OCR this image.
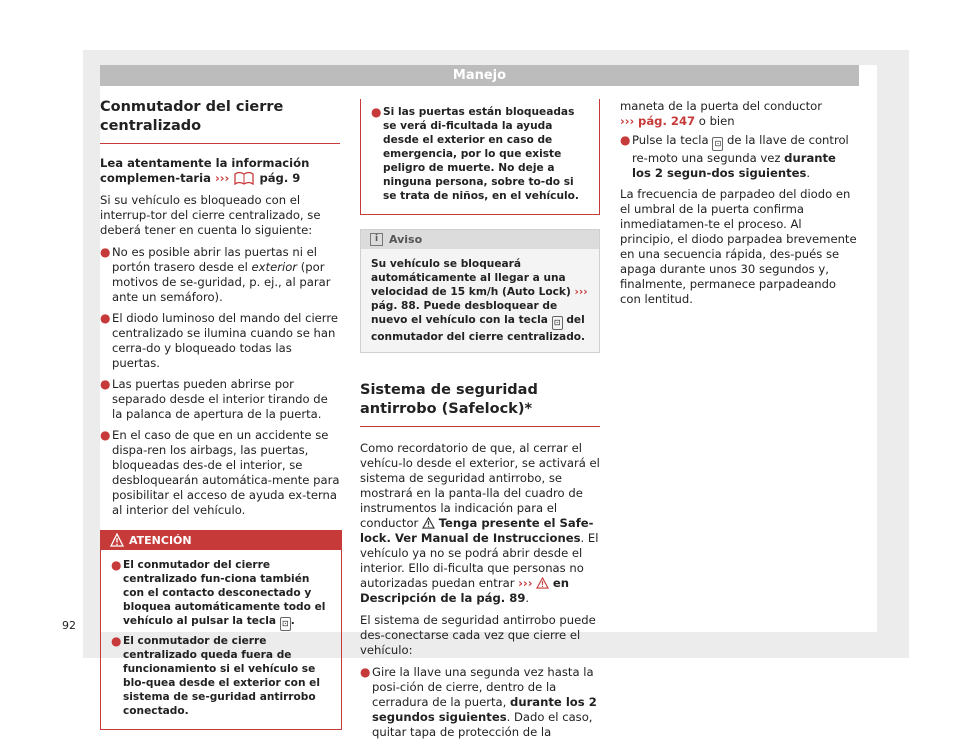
Manejo
Conmutador del cierre centralizado

Lea atentamente la información complemen-taria ›››	pág. 9

Si su vehículo es bloqueado con el interrup-tor del cierre centralizado, se deberá tener en cuenta lo siguiente:

● No es posible abrir las puertas ni el portón trasero desde el exterior (por motivos de se-guridad, p. ej., al parar ante un semáforo).
● El diodo luminoso del mando del cierre centralizado se ilumina cuando se han cerra-do y bloqueado todas las puertas.
● Las puertas pueden abrirse por separado desde el interior tirando de la palanca de apertura de la puerta.
● En el caso de que en un accidente se dispa-ren los airbags, las puertas, bloqueadas des-de el interior, se desbloquearán automática-mente para posibilitar el acceso de ayuda ex-terna al interior del vehículo.
ATENCIÓN
● El conmutador del cierre centralizado fun-ciona también con el contacto desconectado y bloquea automáticamente todo el vehículo al pulsar la tecla ⊡ .
● El conmutador de cierre centralizado queda fuera de funcionamiento si el vehículo se blo-quea desde el exterior con el sistema de se-guridad antirrobo conectado.
● Si las puertas están bloqueadas se verá di-ficultada la ayuda desde el exterior en caso de emergencia, por lo que existe peligro de muerte. No deje a ninguna persona, sobre to-do si se trata de niños, en el vehículo.
i Aviso
Su vehículo se bloqueará automáticamente al llegar a una velocidad de 15 km/h (Auto Lock) ››› pág. 88. Puede desbloquear de nuevo el vehículo con la tecla ⊡ del conmutador del cierre centralizado.
Sistema de seguridad antirrobo (Safelock)*

Como recordatorio de que, al cerrar el vehícu-lo desde el exterior, se activará el sistema de seguridad antirrobo, se mostrará en la panta-lla del cuadro de instrumentos la indicación para el conductor Tenga presente el Safe-lock. Ver Manual de Instrucciones. El vehículo ya no se podrá abrir desde el interior. Ello di-ficulta que personas no autorizadas puedan entrar ››› en Descripción de la pág. 89.

El sistema de seguridad antirrobo puede des-conectarse cada vez que cierre el vehículo:

● Gire la llave una segunda vez hasta la posi-ción de cierre, dentro de la cerradura de la puerta, durante los 2 segundos siguientes. Dado el caso, quitar tapa de protección de la

maneta de la puerta del conductor
››› pág. 247 o bien

● Pulse la tecla ⊡ de la llave de control re-moto una segunda vez durante los 2 segun-dos siguientes.

La frecuencia de parpadeo del diodo en el umbral de la puerta confirma inmediatamen-te el proceso. Al principio, el diodo parpadea brevemente en una secuencia rápida, des-pués se apaga durante unos 30 segundos y, finalmente, permanece parpadeando con lentitud.

92
